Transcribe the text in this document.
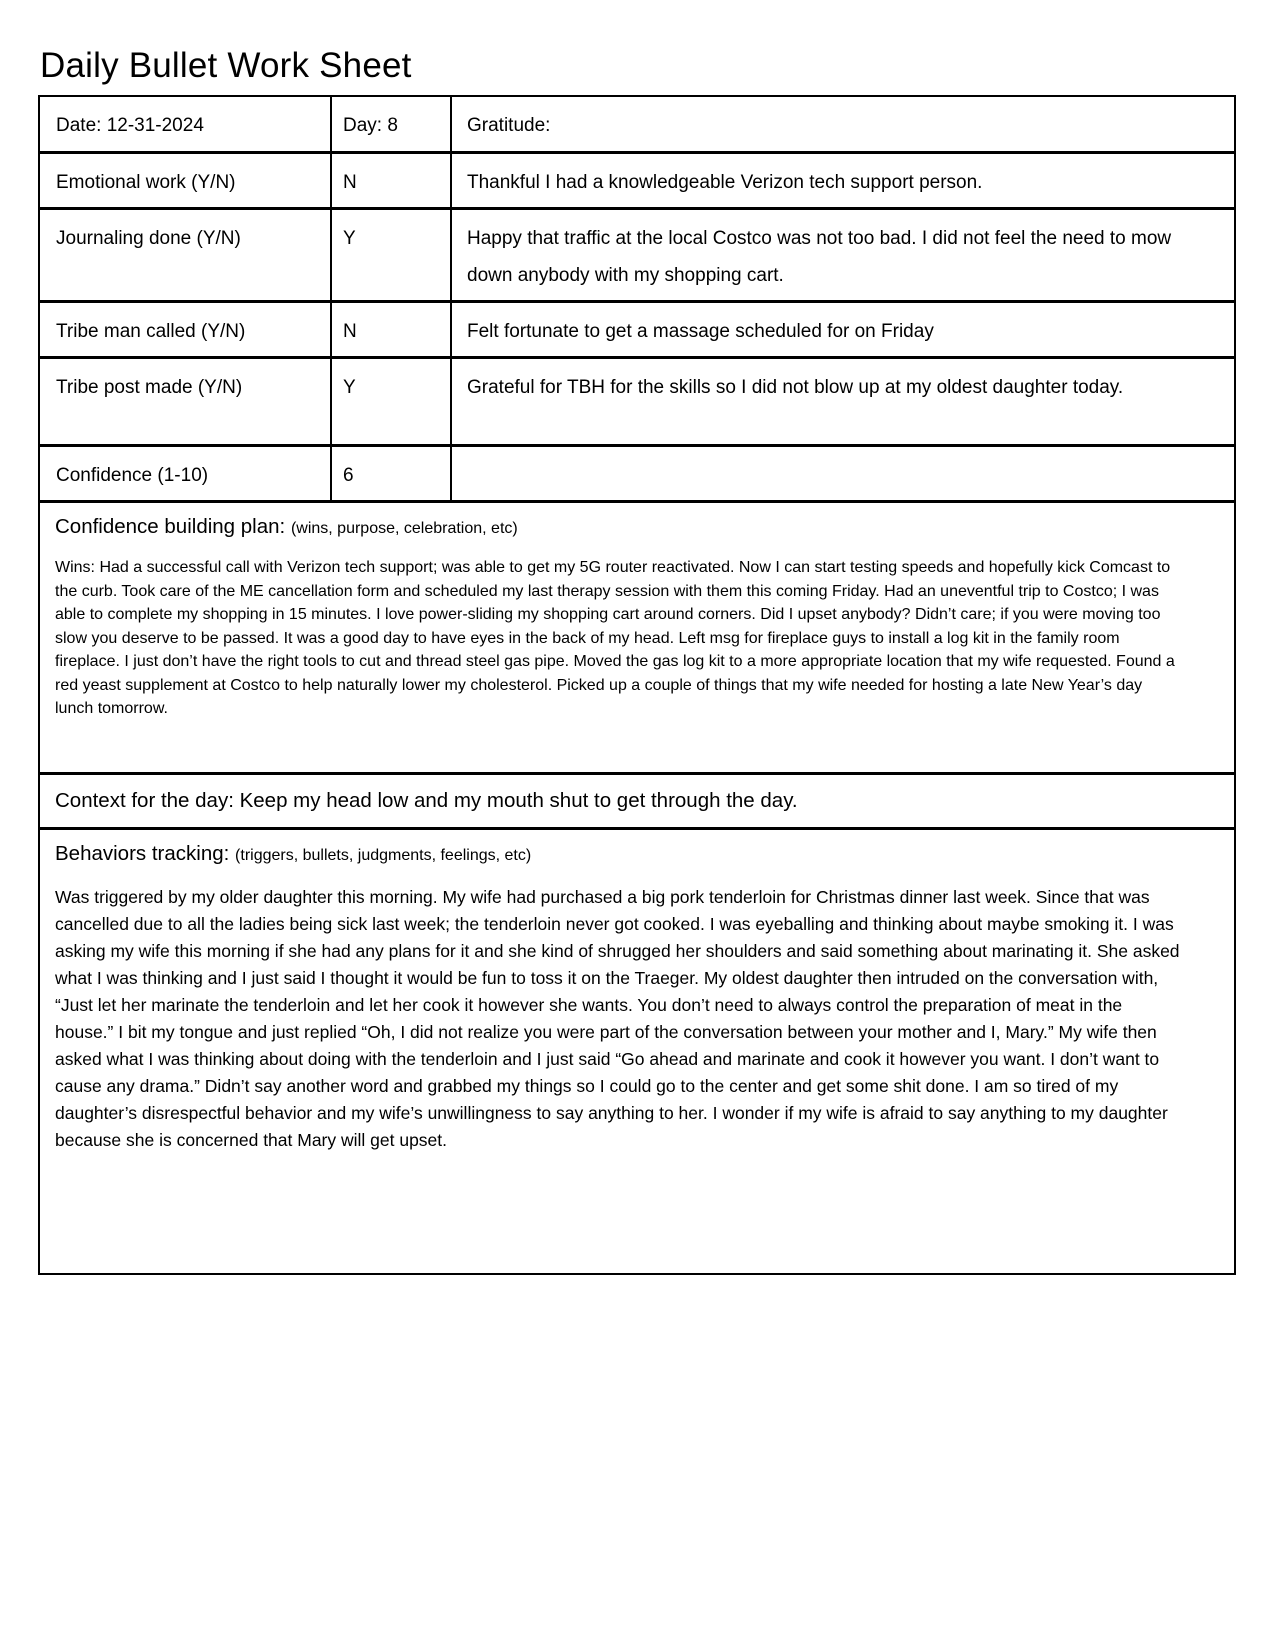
Daily Bullet Work Sheet
Date: 12-31-2024	Day: 8	Gratitude:
Emotional work (Y/N)	N	Thankful I had a knowledgeable Verizon tech support person.
Journaling done (Y/N)	Y	Happy that traffic at the local Costco was not too bad. I did not feel the need to mow down anybody with my shopping cart.
Tribe man called (Y/N)	N	Felt fortunate to get a massage scheduled for on Friday
Tribe post made (Y/N)	Y	Grateful for TBH for the skills so I did not blow up at my oldest daughter today.
Confidence (1-10)	6
Confidence building plan: (wins, purpose, celebration, etc)

Wins: Had a successful call with Verizon tech support; was able to get my 5G router reactivated. Now I can start testing speeds and hopefully kick Comcast to the curb. Took care of the ME cancellation form and scheduled my last therapy session with them this coming Friday. Had an uneventful trip to Costco; I was able to complete my shopping in 15 minutes. I love power-sliding my shopping cart around corners. Did I upset anybody? Didn’t care; if you were moving too slow you deserve to be passed. It was a good day to have eyes in the back of my head. Left msg for fireplace guys to install a log kit in the family room fireplace. I just don’t have the right tools to cut and thread steel gas pipe. Moved the gas log kit to a more appropriate location that my wife requested. Found a red yeast supplement at Costco to help naturally lower my cholesterol. Picked up a couple of things that my wife needed for hosting a late New Year’s day lunch tomorrow.

Context for the day: Keep my head low and my mouth shut to get through the day.
Behaviors tracking: (triggers, bullets, judgments, feelings, etc)

Was triggered by my older daughter this morning. My wife had purchased a big pork tenderloin for Christmas dinner last week. Since that was cancelled due to all the ladies being sick last week; the tenderloin never got cooked. I was eyeballing and thinking about maybe smoking it. I was asking my wife this morning if she had any plans for it and she kind of shrugged her shoulders and said something about marinating it. She asked what I was thinking and I just said I thought it would be fun to toss it on the Traeger. My oldest daughter then intruded on the conversation with, “Just let her marinate the tenderloin and let her cook it however she wants. You don’t need to always control the preparation of meat in the house.” I bit my tongue and just replied “Oh, I did not realize you were part of the conversation between your mother and I, Mary.” My wife then asked what I was thinking about doing with the tenderloin and I just said “Go ahead and marinate and cook it however you want. I don’t want to cause any drama.” Didn’t say another word and grabbed my things so I could go to the center and get some shit done. I am so tired of my daughter’s disrespectful behavior and my wife’s unwillingness to say anything to her. I wonder if my wife is afraid to say anything to my daughter because she is concerned that Mary will get upset.
